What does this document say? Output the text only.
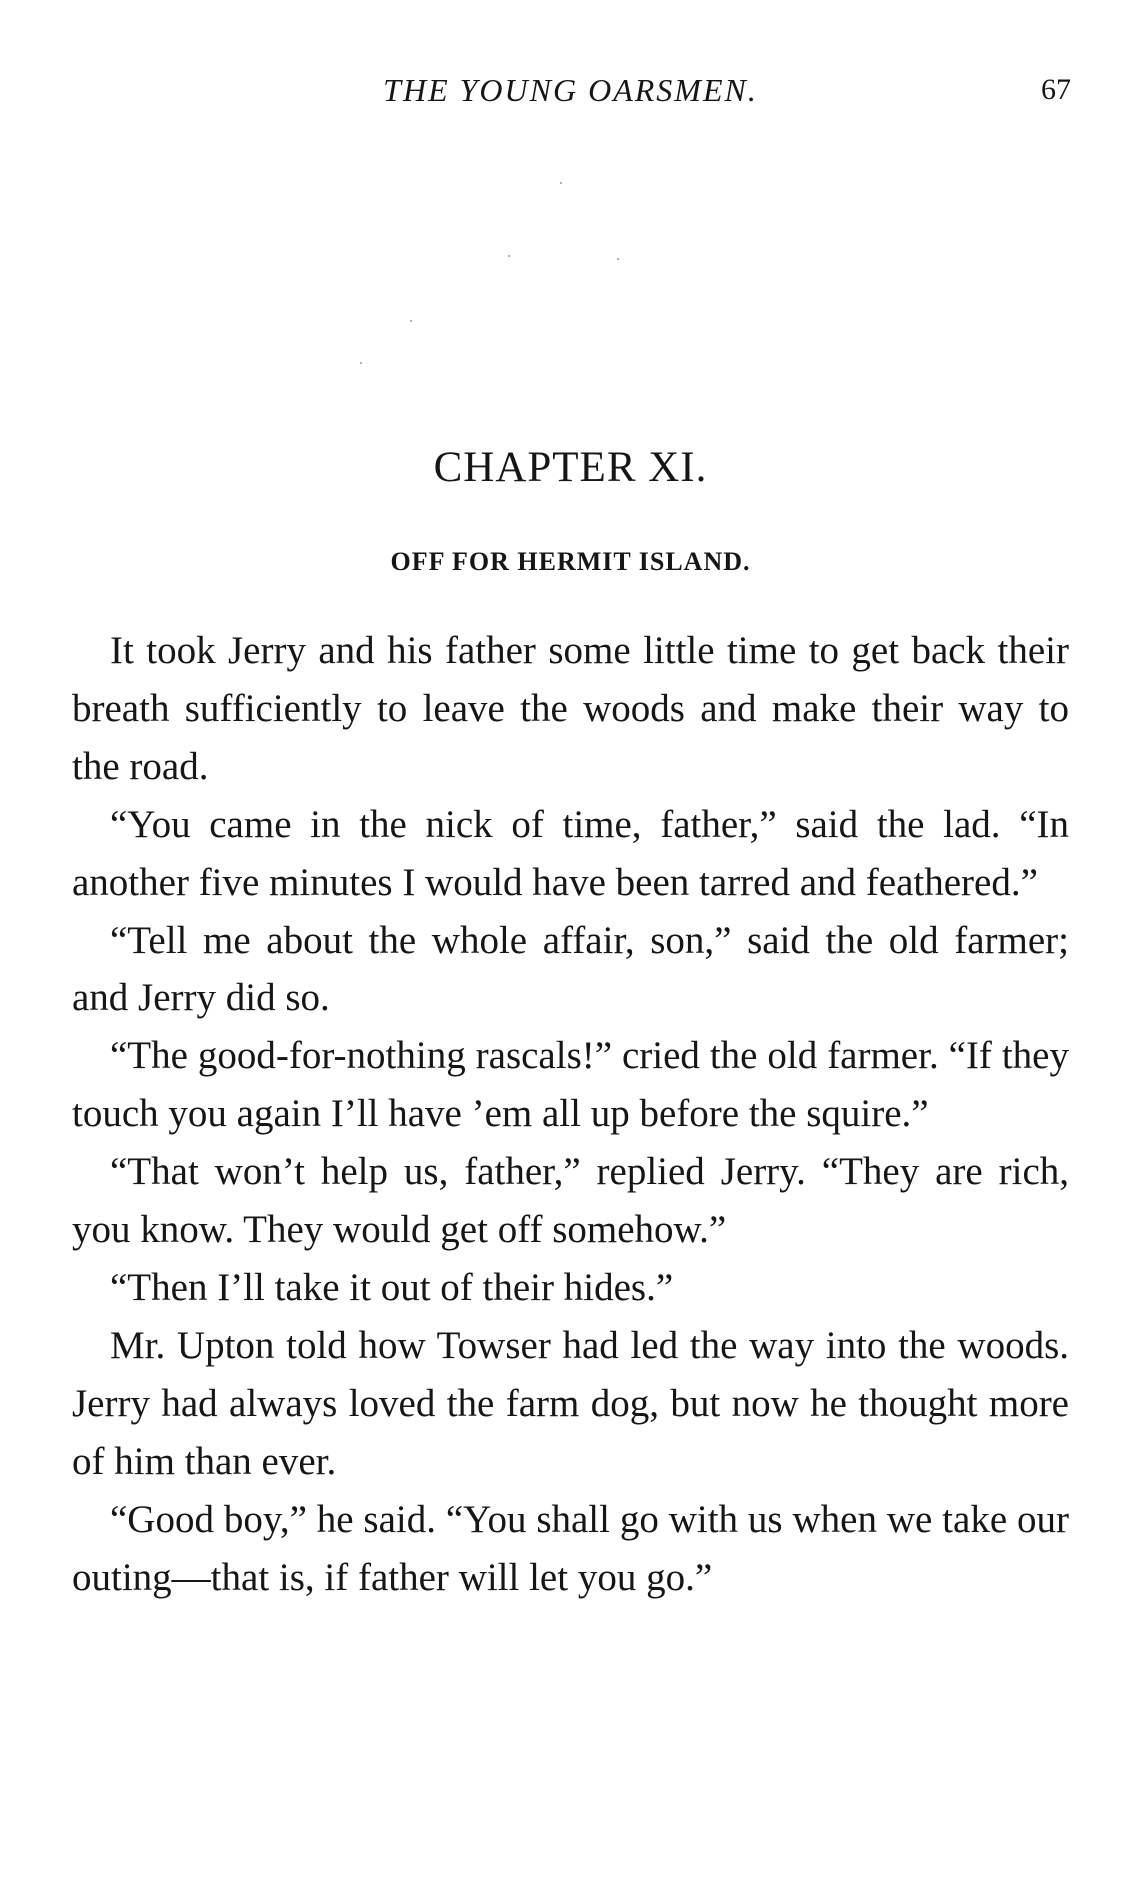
THE YOUNG OARSMEN.	67
CHAPTER XI.
OFF FOR HERMIT ISLAND.

It took Jerry and his father some little time to get back their breath sufficiently to leave the woods and make their way to the road.

“You came in the nick of time, father,” said the lad. “In another five minutes I would have been tarred and feathered.”

“Tell me about the whole affair, son,” said the old farmer; and Jerry did so.

“The good-for-nothing rascals!” cried the old farmer. “If they touch you again I’ll have ’em all up before the squire.”

“That won’t help us, father,” replied Jerry. “They are rich, you know. They would get off somehow.”

“Then I’ll take it out of their hides.”

Mr. Upton told how Towser had led the way into the woods. Jerry had always loved the farm dog, but now he thought more of him than ever.

“Good boy,” he said. “You shall go with us when we take our outing—that is, if father will let you go.”
